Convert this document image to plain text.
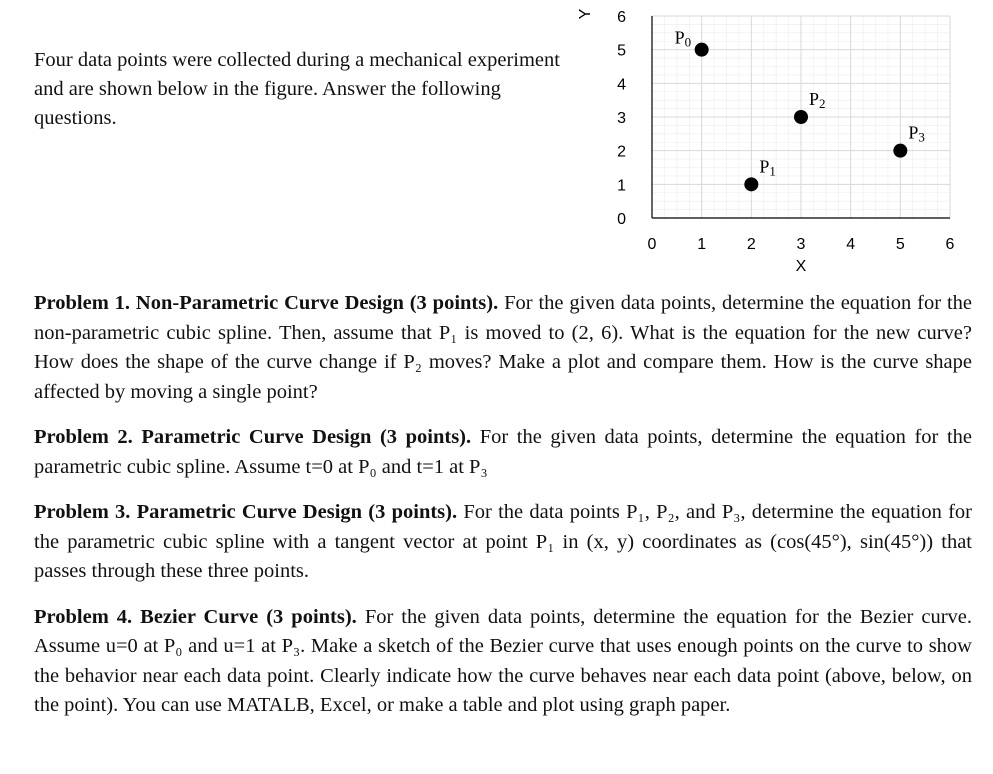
Four data points were collected during a mechanical experiment and are shown below in the figure. Answer the following questions.
0
1
2
3
4
5
6
0	1	2	3	4	5	6
Y
X
P0
P1
P2
P3

Problem 1. Non-Parametric Curve Design (3 points). For the given data points, determine the equation for the non-parametric cubic spline. Then, assume that P₁ is moved to (2, 6). What is the equation for the new curve? How does the shape of the curve change if P₂ moves? Make a plot and compare them. How is the curve shape affected by moving a single point?

Problem 2. Parametric Curve Design (3 points). For the given data points, determine the equation for the parametric cubic spline. Assume t=0 at P₀ and t=1 at P₃

Problem 3. Parametric Curve Design (3 points). For the data points P₁, P₂, and P₃, determine the equation for the parametric cubic spline with a tangent vector at point P₁ in (x, y) coordinates as (cos(45°), sin(45°)) that passes through these three points.

Problem 4. Bezier Curve (3 points). For the given data points, determine the equation for the Bezier curve. Assume u=0 at P₀ and u=1 at P₃. Make a sketch of the Bezier curve that uses enough points on the curve to show the behavior near each data point. Clearly indicate how the curve behaves near each data point (above, below, on the point). You can use MATALB, Excel, or make a table and plot using graph paper.
